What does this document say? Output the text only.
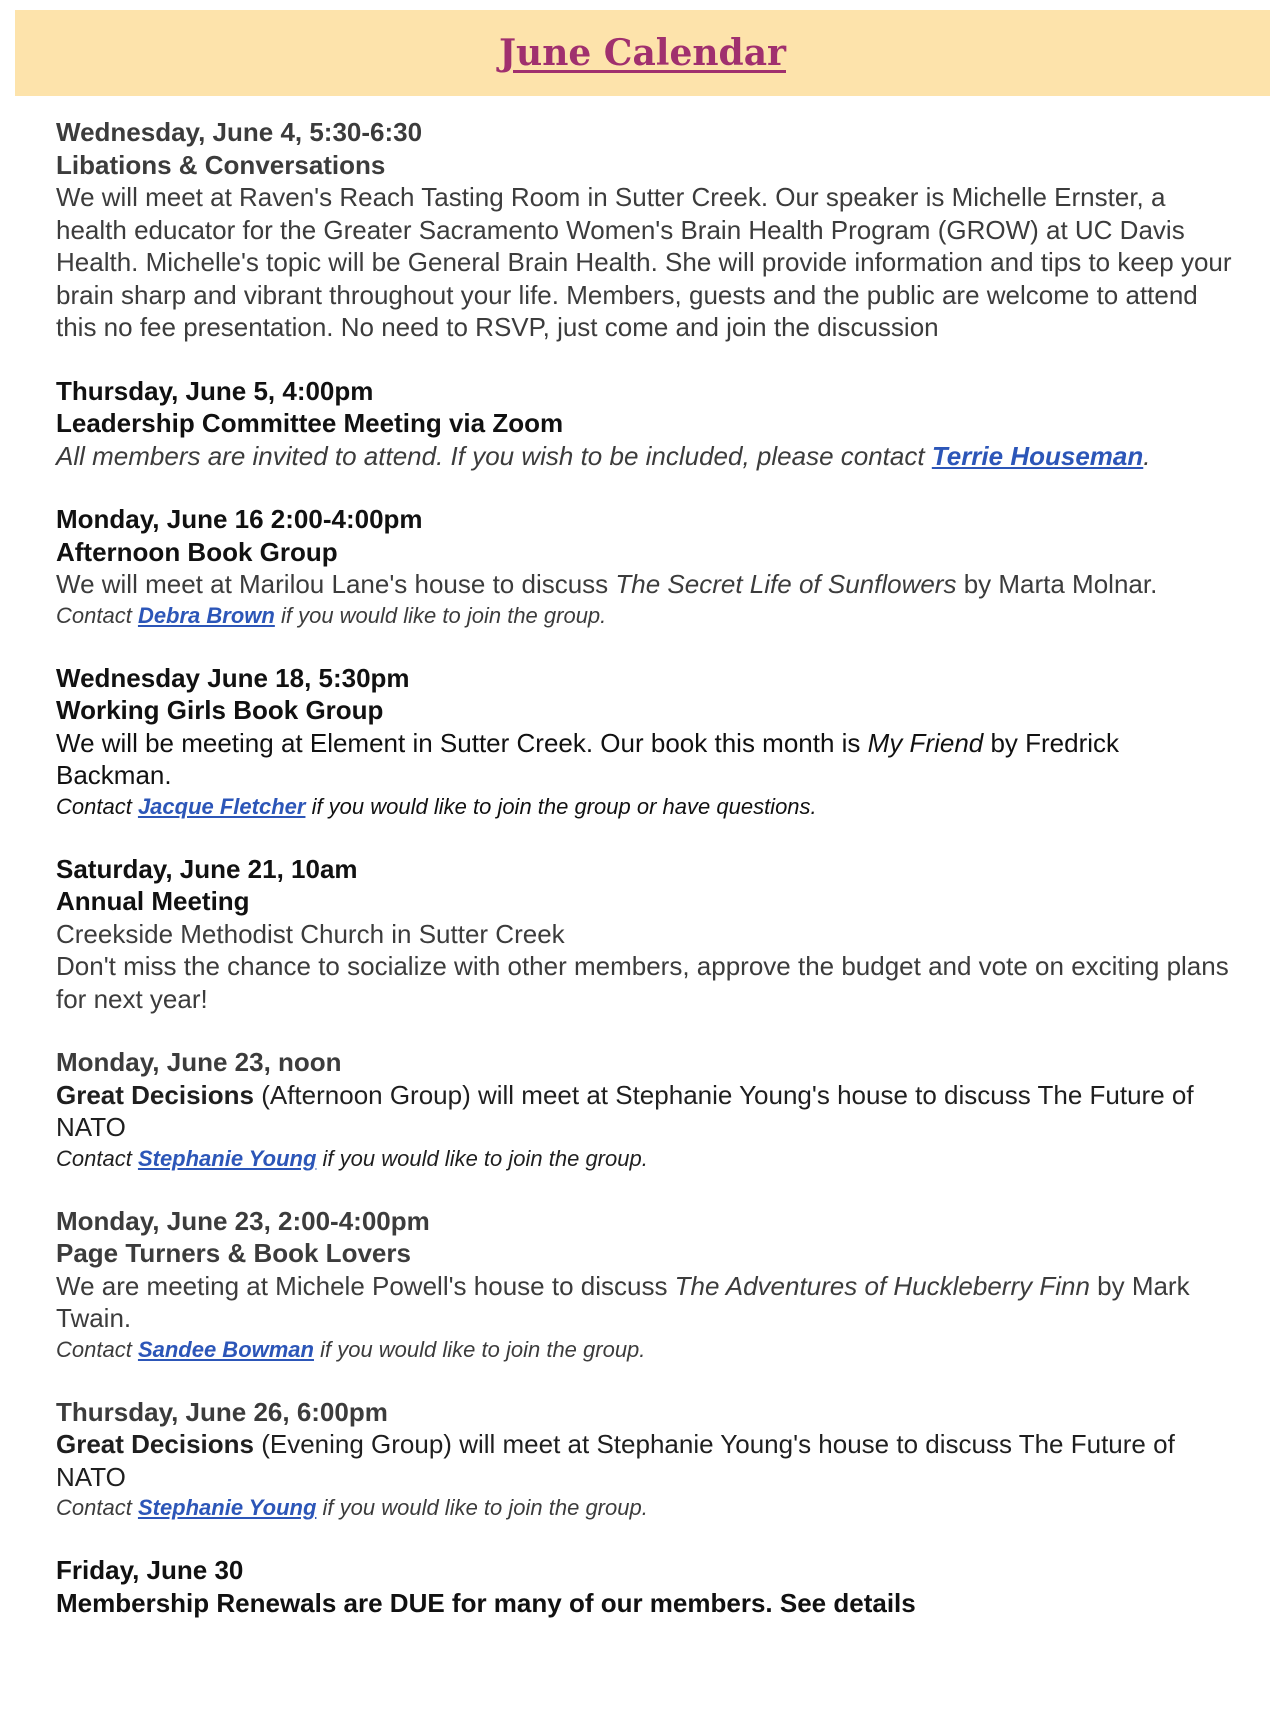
June Calendar
Wednesday, June 4, 5:30-6:30
Libations & Conversations
We will meet at Raven's Reach Tasting Room in Sutter Creek. Our speaker is Michelle Ernster, a health educator for the Greater Sacramento Women's Brain Health Program (GROW) at UC Davis Health. Michelle's topic will be General Brain Health. She will provide information and tips to keep your brain sharp and vibrant throughout your life. Members, guests and the public are welcome to attend this no fee presentation. No need to RSVP, just come and join the discussion
Thursday, June 5, 4:00pm
Leadership Committee Meeting via Zoom
All members are invited to attend. If you wish to be included, please contact Terrie Houseman.
Monday, June 16 2:00-4:00pm
Afternoon Book Group
We will meet at Marilou Lane's house to discuss The Secret Life of Sunflowers by Marta Molnar.
Contact Debra Brown if you would like to join the group.
Wednesday June 18, 5:30pm
Working Girls Book Group
We will be meeting at Element in Sutter Creek. Our book this month is My Friend by Fredrick Backman.
Contact Jacque Fletcher if you would like to join the group or have questions.
Saturday, June 21, 10am
Annual Meeting
Creekside Methodist Church in Sutter Creek
Don't miss the chance to socialize with other members, approve the budget and vote on exciting plans for next year!
Monday, June 23, noon
Great Decisions (Afternoon Group) will meet at Stephanie Young's house to discuss The Future of NATO
Contact Stephanie Young if you would like to join the group.
Monday, June 23, 2:00-4:00pm
Page Turners & Book Lovers
We are meeting at Michele Powell's house to discuss The Adventures of Huckleberry Finn by Mark Twain.
Contact Sandee Bowman if you would like to join the group.
Thursday, June 26, 6:00pm
Great Decisions (Evening Group) will meet at Stephanie Young's house to discuss The Future of NATO
Contact Stephanie Young if you would like to join the group.
Friday, June 30
Membership Renewals are DUE for many of our members. See details
